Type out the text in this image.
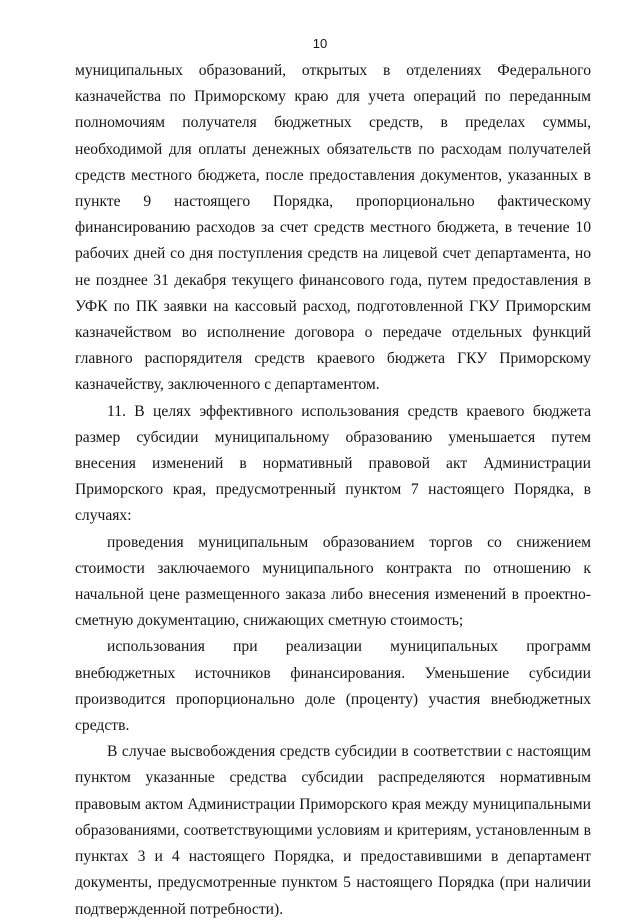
10

муниципальных образований, открытых в отделениях Федерального казначейства по Приморскому краю для учета операций по переданным полномочиям получателя бюджетных средств, в пределах суммы, необходимой для оплаты денежных обязательств по расходам получателей средств местного бюджета, после предоставления документов, указанных в пункте 9 настоящего Порядка, пропорционально фактическому финансированию расходов за счет средств местного бюджета, в течение 10 рабочих дней со дня поступления средств на лицевой счет департамента, но не позднее 31 декабря текущего финансового года, путем предоставления в УФК по ПК заявки на кассовый расход, подготовленной ГКУ Приморским казначейством во исполнение договора о передаче отдельных функций главного распорядителя средств краевого бюджета ГКУ Приморскому казначейству, заключенного с департаментом.

11. В целях эффективного использования средств краевого бюджета размер субсидии муниципальному образованию уменьшается путем внесения изменений в нормативный правовой акт Администрации Приморского края, предусмотренный пунктом 7 настоящего Порядка, в случаях:

проведения муниципальным образованием торгов со снижением стоимости заключаемого муниципального контракта по отношению к начальной цене размещенного заказа либо внесения изменений в проектно-сметную документацию, снижающих сметную стоимость;

использования при реализации муниципальных программ внебюджетных источников финансирования. Уменьшение субсидии производится пропорционально доле (проценту) участия внебюджетных средств.

В случае высвобождения средств субсидии в соответствии с настоящим пунктом указанные средства субсидии распределяются нормативным правовым актом Администрации Приморского края между муниципальными образованиями, соответствующими условиям и критериям, установленным в пунктах 3 и 4 настоящего Порядка, и предоставившими в департамент документы, предусмотренные пунктом 5 настоящего Порядка (при наличии подтвержденной потребности).
